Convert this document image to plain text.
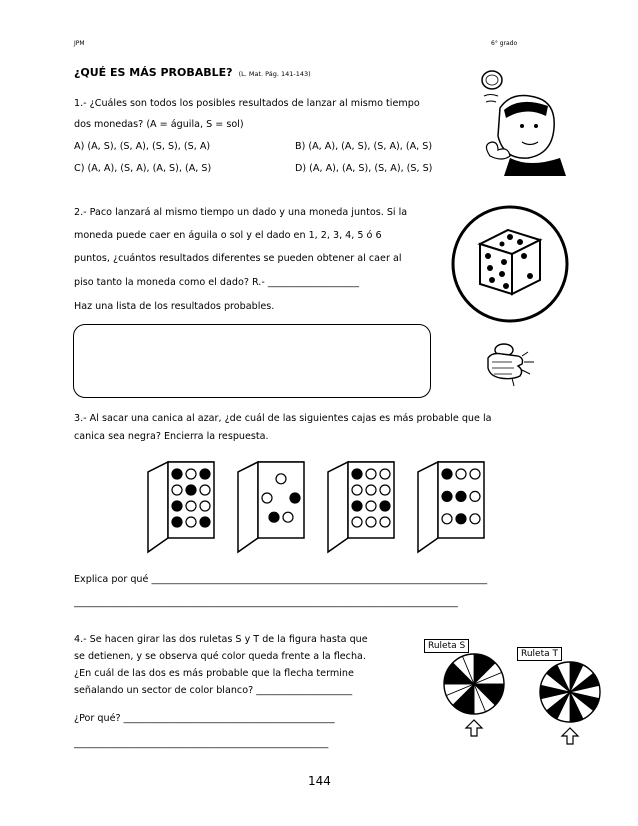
JPM	6° grado
¿QUÉ ES MÁS PROBABLE? (L. Mat. Pág. 141-143)
1.- ¿Cuáles son todos los posibles resultados de lanzar al mismo tiempo
dos monedas? (A = águila, S = sol)
A) (A, S), (S, A), (S, S), (S, A)	B) (A, A), (A, S), (S, A), (A, S)
C) (A, A), (S, A), (A, S), (A, S)	D) (A, A), (A, S), (S, A), (S, S)
2.- Paco lanzará al mismo tiempo un dado y una moneda juntos. Si la
moneda puede caer en águila o sol y el dado en 1, 2, 3, 4, 5 ó 6
puntos, ¿cuántos resultados diferentes se pueden obtener al caer al
piso tanto la moneda como el dado? R.- ___________________
Haz una lista de los resultados probables.
3.- Al sacar una canica al azar, ¿de cuál de las siguientes cajas es más probable que la
canica sea negra? Encierra la respuesta.
Explica por qué ______________________________________________________________________
________________________________________________________________________________
4.- Se hacen girar las dos ruletas S y T de la figura hasta que
se detienen, y se observa qué color queda frente a la flecha.
¿En cuál de las dos es más probable que la flecha termine
señalando un sector de color blanco? ____________________
¿Por qué? ____________________________________________
_____________________________________________________
Ruleta S
Ruleta T
144
